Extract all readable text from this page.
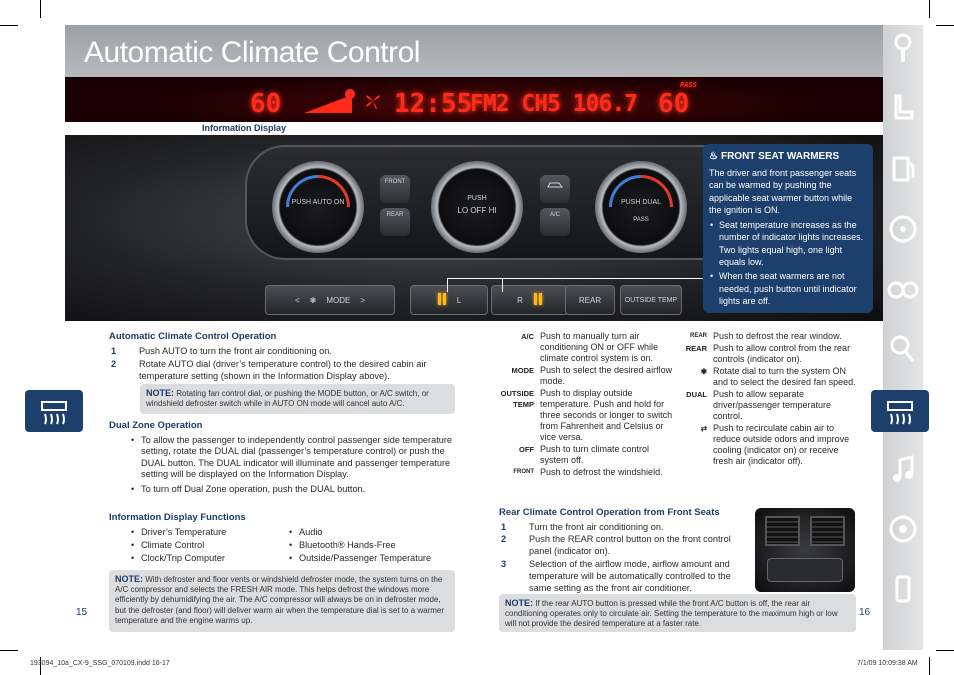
Automatic Climate Control
60	12:55
FM2 CH5 106.7 60
PASS
Information Display
PUSH AUTO ON
PUSH
LO OFF HI
PUSH DUAL
PASS
FRONT
REAR	A/C
< ❃ MODE >	L	R	REAR	OUTSIDE TEMP
♨ FRONT SEAT WARMERS
The driver and front passenger seats can be warmed by pushing the applicable seat warmer button while the ignition is ON.
• Seat temperature increases as the number of indicator lights increases. Two lights equal high, one light equals low.
• When the seat warmers are not needed, push button until indicator lights are off.
Automatic Climate Control Operation
1 Push AUTO to turn the front air conditioning on.
2 Rotate AUTO dial (driver’s temperature control) to the desired cabin air temperature setting (shown in the Information Display above).
NOTE: Rotating fan control dial, or pushing the MODE button, or A/C switch, or windshield defroster switch while in AUTO ON mode will cancel auto A/C.
Dual Zone Operation
• To allow the passenger to independently control passenger side temperature setting, rotate the DUAL dial (passenger’s temperature control) or push the DUAL button. The DUAL indicator will illuminate and passenger temperature setting will be displayed on the Information Display.
• To turn off Dual Zone operation, push the DUAL button.
Information Display Functions
• Driver’s Temperature
• Climate Control
• Clock/Trip Computer
• Audio
• Bluetooth® Hands-Free
• Outside/Passenger Temperature
NOTE: With defroster and floor vents or windshield defroster mode, the system turns on the A/C compressor and selects the FRESH AIR mode. This helps defrost the windows more efficiently by dehumidifying the air. The A/C compressor will always be on in defroster mode, but the defroster (and floor) will deliver warm air when the temperature dial is set to a warmer temperature and the engine warms up.
A/C Push to manually turn air conditioning ON or OFF while climate control system is on.
MODE Push to select the desired airflow mode.
OUTSIDE TEMP
Push to display outside temperature. Push and hold for three seconds or longer to switch from Fahrenheit and Celsius or vice versa.
OFF Push to turn climate control system off.
FRONT Push to defrost the windshield.
REAR Push to defrost the rear window.
REAR Push to allow control from the rear controls (indicator on).
✾ Rotate dial to turn the system ON and to select the desired fan speed.
DUAL Push to allow separate driver/passenger temperature control.
⇄ Push to recirculate cabin air to reduce outside odors and improve cooling (indicator on) or receive fresh air (indicator off).
Rear Climate Control Operation from Front Seats
1 Turn the front air conditioning on.
2 Push the REAR control button on the front control panel (indicator on).
3 Selection of the airflow mode, airflow amount and temperature will be automatically controlled to the same setting as the front air conditioner.
NOTE: If the rear AUTO button is pressed while the front A/C button is off, the rear air conditioning operates only to circulate air. Setting the temperature to the maximum high or low will not provide the desired temperature at a faster rate.
15	16
193094_10a_CX-9_SSG_070109.indd 16-17	7/1/09 10:09:38 AM
